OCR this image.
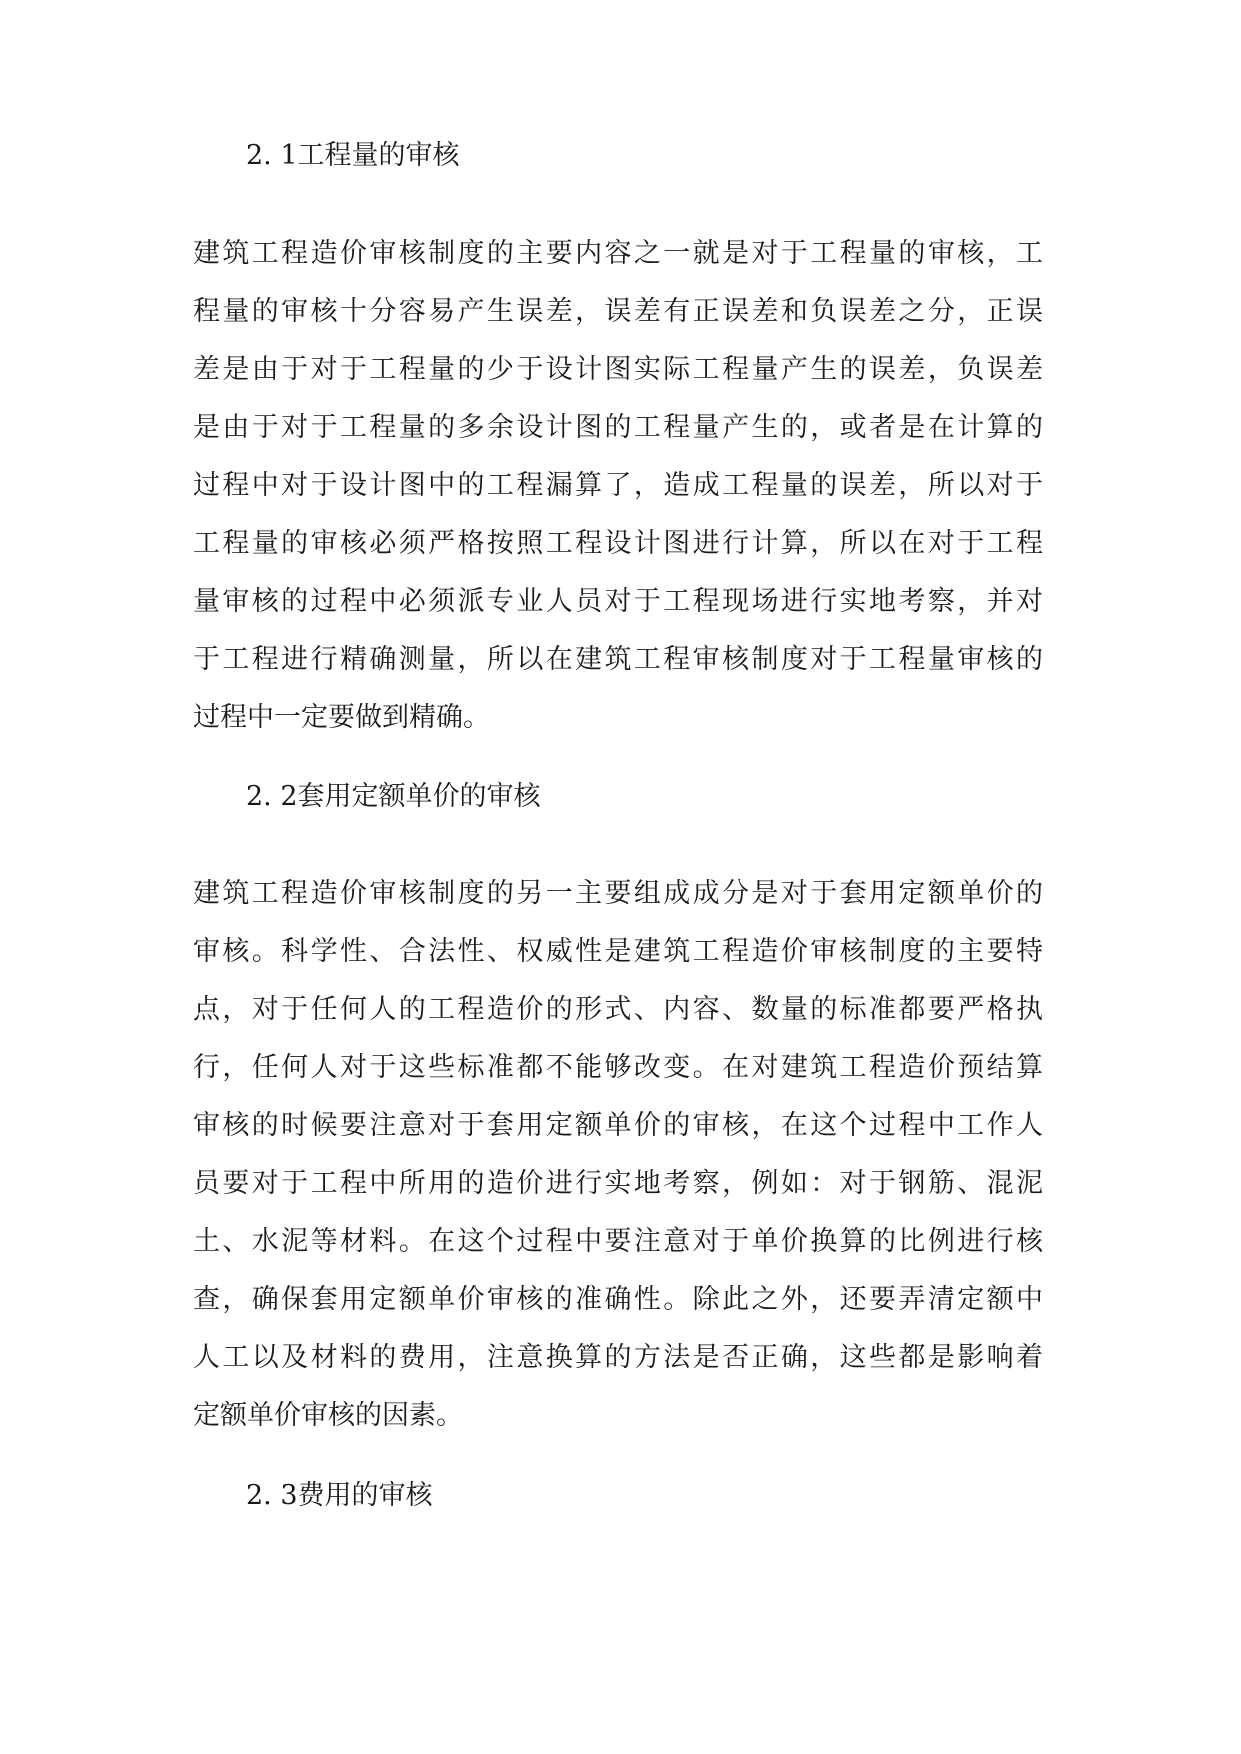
2. 1工程量的审核
建筑工程造价审核制度的主要内容之一就是对于工程量的审核，工
程量的审核十分容易产生误差，误差有正误差和负误差之分，正误
差是由于对于工程量的少于设计图实际工程量产生的误差，负误差
是由于对于工程量的多余设计图的工程量产生的，或者是在计算的
过程中对于设计图中的工程漏算了，造成工程量的误差，所以对于
工程量的审核必须严格按照工程设计图进行计算，所以在对于工程
量审核的过程中必须派专业人员对于工程现场进行实地考察，并对
于工程进行精确测量，所以在建筑工程审核制度对于工程量审核的
过程中一定要做到精确。
2. 2套用定额单价的审核
建筑工程造价审核制度的另一主要组成成分是对于套用定额单价的
审核。科学性、合法性、权威性是建筑工程造价审核制度的主要特
点，对于任何人的工程造价的形式、内容、数量的标准都要严格执
行，任何人对于这些标准都不能够改变。在对建筑工程造价预结算
审核的时候要注意对于套用定额单价的审核，在这个过程中工作人
员要对于工程中所用的造价进行实地考察，例如：对于钢筋、混泥
土、水泥等材料。在这个过程中要注意对于单价换算的比例进行核
查，确保套用定额单价审核的准确性。除此之外，还要弄清定额中
人工以及材料的费用，注意换算的方法是否正确，这些都是影响着
定额单价审核的因素。
2. 3费用的审核
